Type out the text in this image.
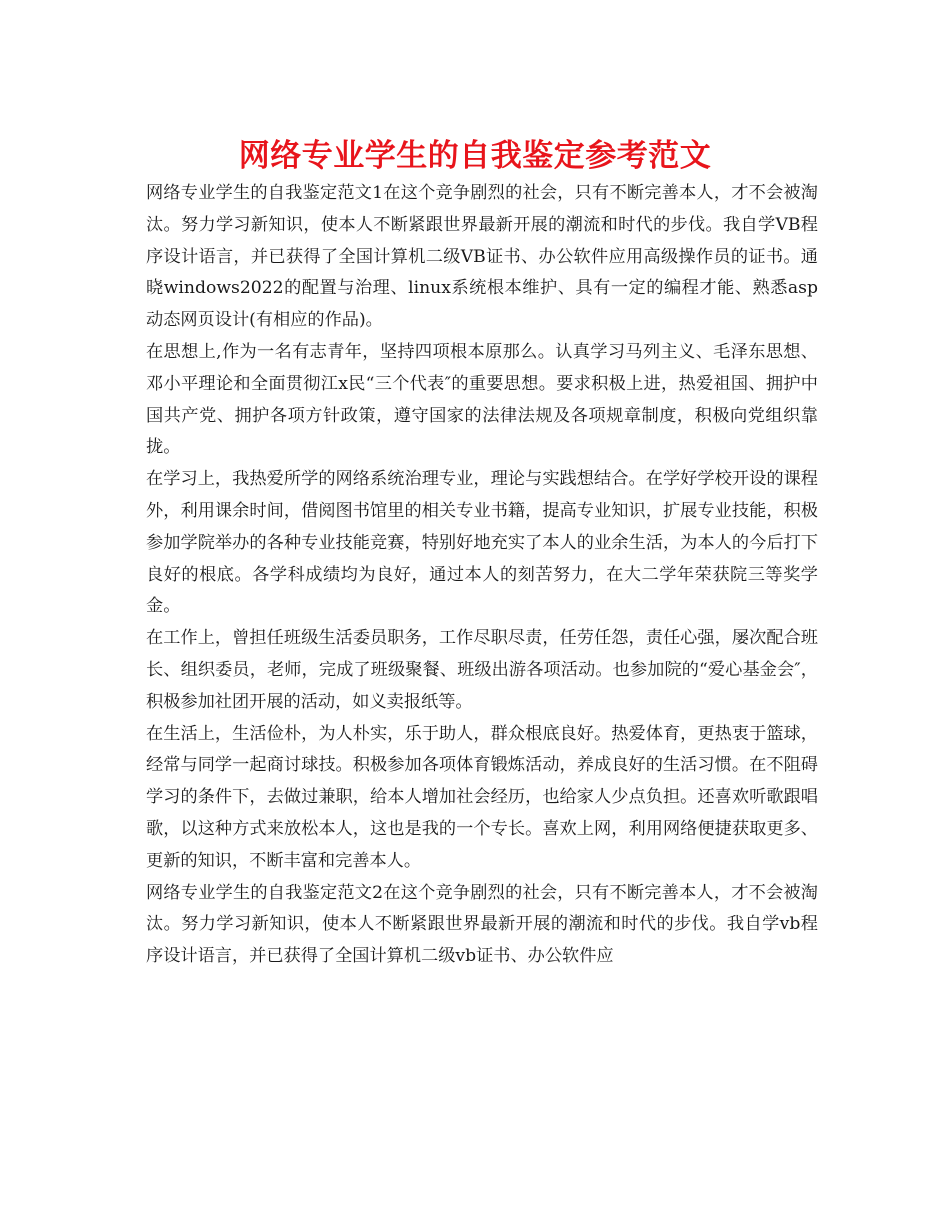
网络专业学生的自我鉴定参考范文

网络专业学生的自我鉴定范文1在这个竞争剧烈的社会，只有不断完善本人，才不会被淘汰。努力学习新知识，使本人不断紧跟世界最新开展的潮流和时代的步伐。我自学VB程序设计语言，并已获得了全国计算机二级VB证书、办公软件应用高级操作员的证书。通晓windows2022的配置与治理、linux系统根本维护、具有一定的编程才能、熟悉asp动态网页设计(有相应的作品)。

在思想上,作为一名有志青年，坚持四项根本原那么。认真学习马列主义、毛泽东思想、邓小平理论和全面贯彻江x民“三个代表″的重要思想。要求积极上进，热爱祖国、拥护中国共产党、拥护各项方针政策，遵守国家的法律法规及各项规章制度，积极向党组织靠拢。

在学习上，我热爱所学的网络系统治理专业，理论与实践想结合。在学好学校开设的课程外，利用课余时间，借阅图书馆里的相关专业书籍，提高专业知识，扩展专业技能，积极参加学院举办的各种专业技能竞赛，特别好地充实了本人的业余生活，为本人的今后打下良好的根底。各学科成绩均为良好，通过本人的刻苦努力，在大二学年荣获院三等奖学金。

在工作上，曾担任班级生活委员职务，工作尽职尽责，任劳任怨，责任心强，屡次配合班长、组织委员，老师，完成了班级聚餐、班级出游各项活动。也参加院的“爱心基金会″，积极参加社团开展的活动，如义卖报纸等。

在生活上，生活俭朴，为人朴实，乐于助人，群众根底良好。热爱体育，更热衷于篮球，经常与同学一起商讨球技。积极参加各项体育锻炼活动，养成良好的生活习惯。在不阻碍学习的条件下，去做过兼职，给本人增加社会经历，也给家人少点负担。还喜欢听歌跟唱歌，以这种方式来放松本人，这也是我的一个专长。喜欢上网，利用网络便捷获取更多、更新的知识，不断丰富和完善本人。

网络专业学生的自我鉴定范文2在这个竞争剧烈的社会，只有不断完善本人，才不会被淘汰。努力学习新知识，使本人不断紧跟世界最新开展的潮流和时代的步伐。我自学vb程序设计语言，并已获得了全国计算机二级vb证书、办公软件应
